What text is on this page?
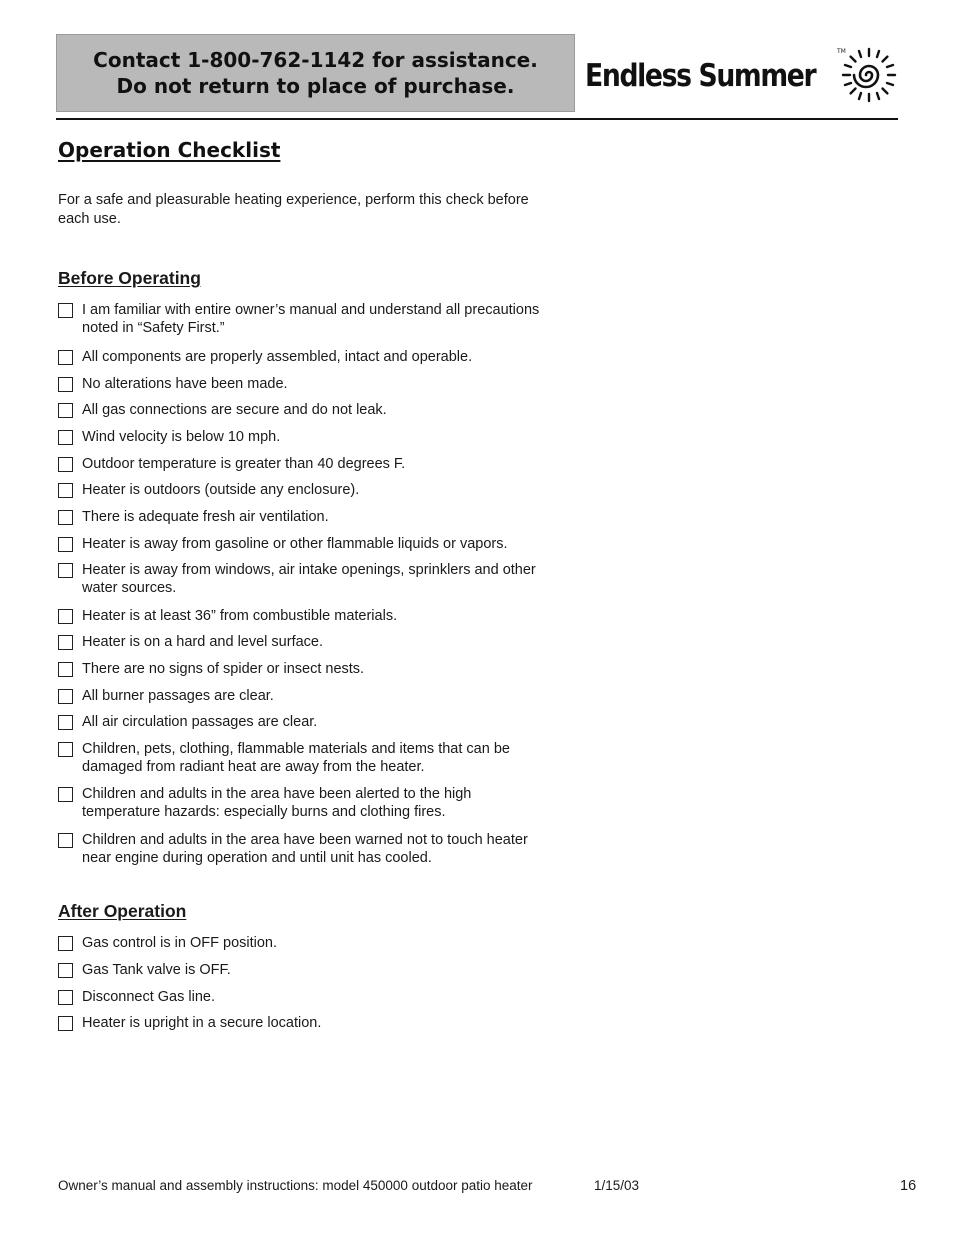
Contact 1-800-762-1142 for assistance.
Do not return to place of purchase. Endless Summer
TM
Operation Checklist
For a safe and pleasurable heating experience, perform this check before each use.
Before Operating
I am familiar with entire owner’s manual and understand all precautions noted in “Safety First.”
All components are properly assembled, intact and operable.
No alterations have been made.
All gas connections are secure and do not leak.
Wind velocity is below 10 mph.
Outdoor temperature is greater than 40 degrees F.
Heater is outdoors (outside any enclosure).
There is adequate fresh air ventilation.
Heater is away from gasoline or other flammable liquids or vapors.
Heater is away from windows, air intake openings, sprinklers and other water sources.
Heater is at least 36” from combustible materials.
Heater is on a hard and level surface.
There are no signs of spider or insect nests.
All burner passages are clear.
All air circulation passages are clear.
Children, pets, clothing, flammable materials and items that can be damaged from radiant heat are away from the heater.
Children and adults in the area have been alerted to the high temperature hazards: especially burns and clothing fires.
Children and adults in the area have been warned not to touch heater near engine during operation and until unit has cooled.
After Operation
Gas control is in OFF position.
Gas Tank valve is OFF.
Disconnect Gas line.
Heater is upright in a secure location.
Owner’s manual and assembly instructions: model 450000 outdoor patio heater	1/15/03	16
